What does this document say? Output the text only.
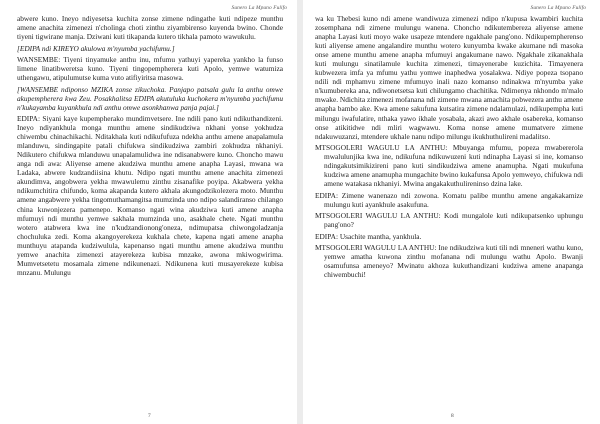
Sunero La Mpuno Fulifo

abwere kuno. Ineyo ndiyesetsa kuchita zonse zimene ndingathe kuti ndipeze munthu amene anachita zimenezi n'cholinga choti zinthu ziyambirenso kuyenda bwino. Chonde tiyeni tigwirane manja. Dziwani kuti tikapanda kutero tikhala pamoto wawukulu.

[EDIPA ndi KIREYO akulowa m'nyumba yachifumu.]

WANSEMBE: Tiyeni tinyamuke anthu inu, mfumu yathuyi yapereka yankho la funso limene linatibweretsa kuno. Tiyeni tingopempherera kuti Apolo, yemwe watumiza uthengawu, atipulumutse kuma vuto atifiyiritsa masowa.

[WANSEMBE ndiponso MZIKA zonse zikuchoka. Panjapo patsala gulu la anthu omwe akupempherera kwa Zeu. Posakhalitsa EDIPA akutuluka kuchokera m'nyumba yachifumu n'kukayamba kuyankhula ndi anthu omwe asonkhanwa panja pajai.]

EDIPA: Siyani kaye kupempherako mundimvetsere. Ine ndili pano kuti ndikuthandizeni. Ineyo ndiyankhula monga munthu amene sindikudziwa nkhani yonse yokhudza chiwembu chinachikachi. Nditakhala kuti ndikufufuza ndekha anthu amene anapalamula mlanduwu, sindingapite patali chifukwa sindikudziwa zambiri zokhudza nkhaniyi. Ndikutero chifukwa mlanduwu unapalamulidwa ine ndisanabwere kuno. Choncho mawu anga ndi awa: Aliyense amene akudziwa munthu amene anapha Layasi, mwana wa Ladaka, abwere kudzandiisina khutu. Ndipo ngati munthu amene anachita zimenezi akundimva, angobwera yekha mwawulemu zinthu zisanafike poyipa. Akabwera yekha ndikumchitira chifundo, koma akapanda kutero akhala akungodzikolezera moto. Munthu amene angabwere yekha tingomuthamangitsa mumzinda uno ndipo salandiranso chilango china kuwonjezera pamenepo. Komanso ngati wina akudziwa kuti amene anapha mfumuyi ndi munthu yemwe sakhala mumzinda uno, asakhale chete. Ngati munthu wotero atabwera kwa ine n'kudzandionong'oneza, ndimupatsa chiwongoladzanja chochuluka zedi. Koma akangoyerekeza kukhala chete, kapena ngati amene anapha munthuyu atapanda kudziwulula, kapenanso ngati munthu amene akudziwa munthu yemwe anachita zimenezi atayerekeza kubisa mnzake, awona mkiwogwirima. Mumvetsetetu mosamala zimene ndikunenazi. Ndikunena kuti musayerekeze kubisa mnzanu. Mulungu

7
Sunero La Mpuno Fulifo

wa ku Thebesi kuno ndi amene wandiwuza zimenezi ndipo n'kupusa kwambiri kuchita zosemphana ndi zimene mulungu wanena. Choncho ndikutembereza aliyense amene anapha Layasi kuti moyo wake usapeze mtendere ngakhale pang'ono. Ndikupempherenso kuti aliyense amene angalandire munthu wotero kunyumba kwake akumane ndi masoka onse amene munthu amene anapha mfumuyi angakumane nawo. Ngakhale zikanakhala kuti mulungu sinatilamule kuchita zimenezi, timayenerabe kuzichita. Timayenera kubwezera imfa ya mfumu yathu yomwe inaphedwa yosalakwa. Ndiye popeza tsopano ndili ndi mphamvu zimene mfumuyo inali nazo komanso ndinakwa m'nyumba yake n'kumubereka ana, ndiwonetsetsa kuti chilungamo chachitika. Ndimenya nkhondo m'malo mwake. Ndichita zimenezi mofanana ndi zimene mwana amachita pobwezera anthu amene anapha bambo ake. Kwa amene sakufuna kutsatira zimene ndalamulazi, ndikupempha kuti milungu iwafulatire, nthaka yawo ikhale yosabala, akazi awo akhale osabereka, komanso onse atikitidwe ndi mliri wagwawu. Koma nonse amene mumatvere zimene ndakuwuzanzi, mtendere ukhale nanu ndipo milungu ikukhuthulireni madalitso.

MTSOGOLERI WAGULU LA ANTHU: Mbuyanga mfumu, popeza mwabererola mwalulunjika kwa ine, ndikufuna ndikuwuzeni kuti ndinapha Layasi si ine, komanso ndingakutsimikizireni pano kuti sindikudziwa amene anamupha. Ngati mukufuna kudziwa amene anamupha mungachite bwino kukafunsa Apolo yemweyo, chifukwa ndi amene watakasa nkhaniyi. Mwina angakakuthulireninso dzina lake.

EDIPA: Zimene wanenazo ndi zowona. Komatu palibe munthu amene angakakamize mulungu kuti ayankhule asakufuna.

MTSOGOLERI WAGULU LA ANTHU: Kodi mungalole kuti ndikupatsenko uphungu pang'ono?

EDIPA: Usachite mantha, yankhula.

MTSOGOLERI WAGULU LA ANTHU: Ine ndikudziwa kuti tili ndi mneneri wathu kuno, yemwe amatha kuwona zinthu mofanana ndi mulungu wathu Apolo. Bwanji osamufunsa ameneyo? Mwinatu akhoza kukuthandizani kudziwa amene anapanga chiwembuchi!

8
